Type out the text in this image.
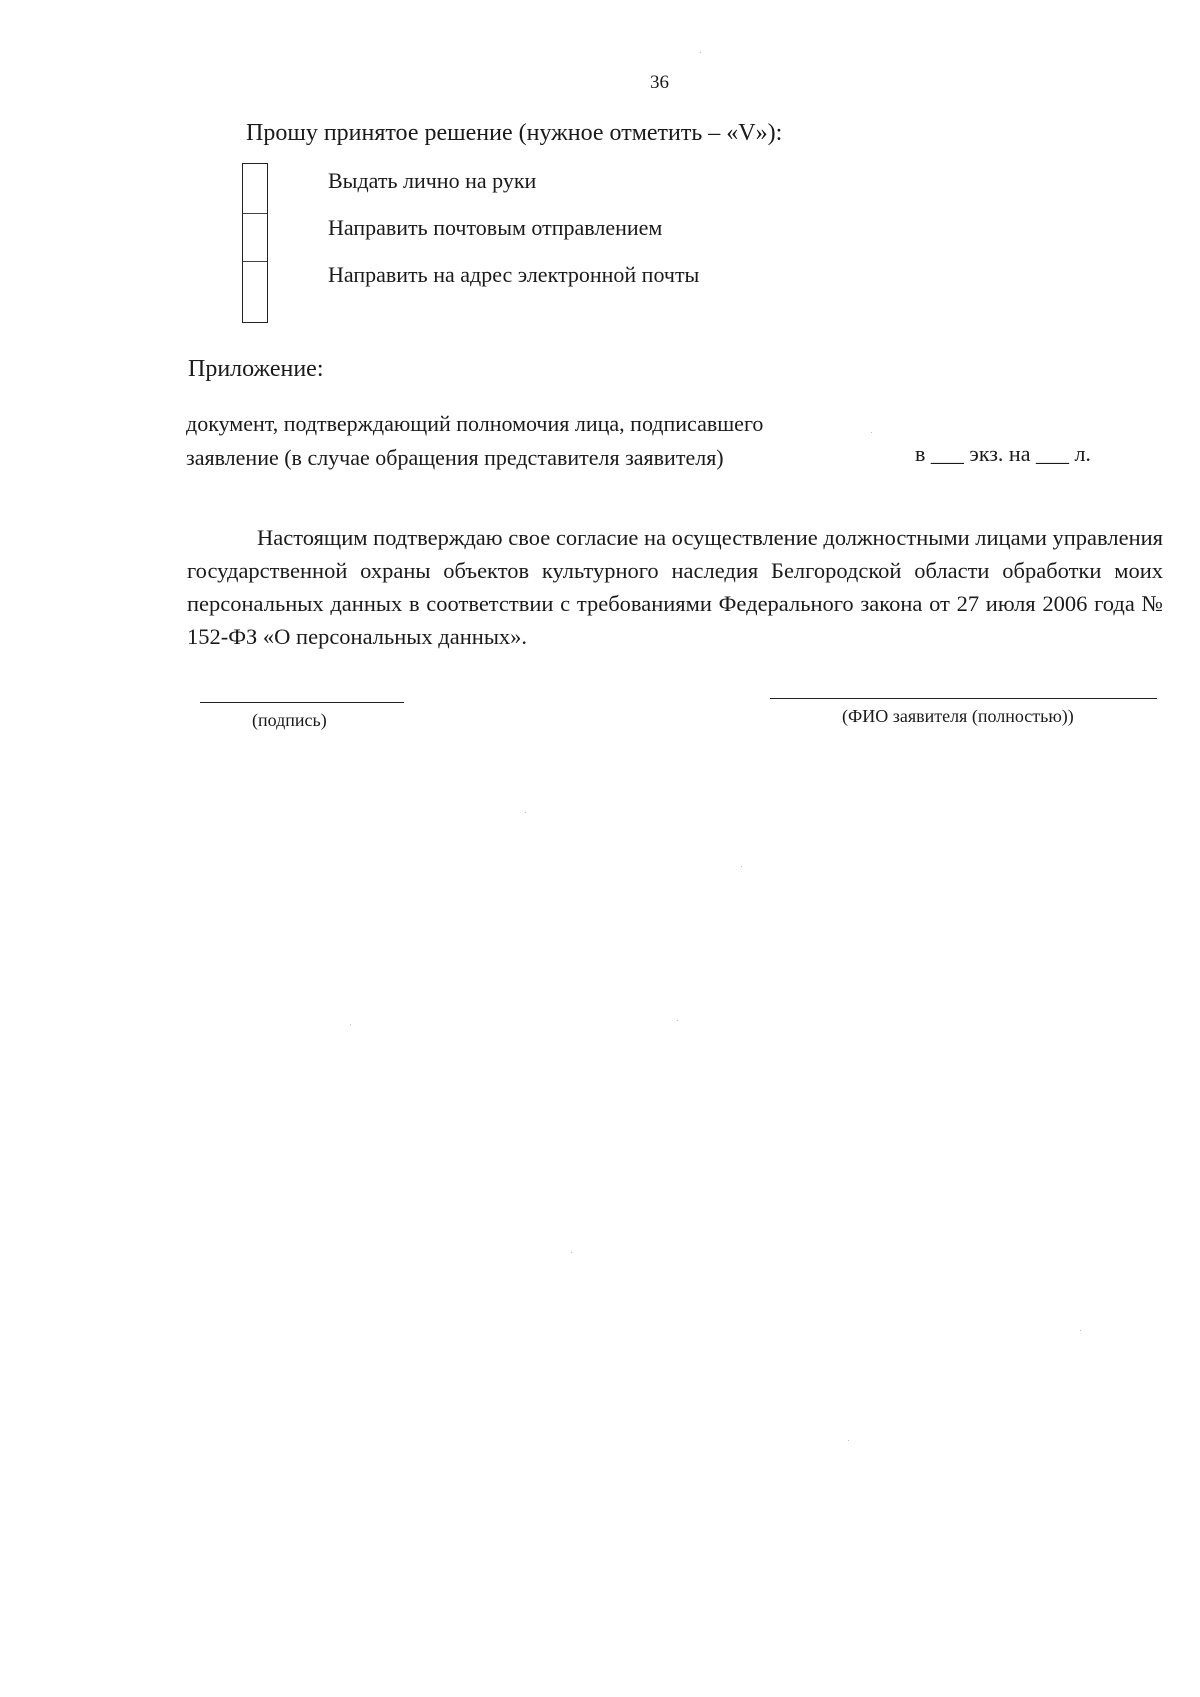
36
Прошу принятое решение (нужное отметить – «V»):
Выдать лично на руки
Направить почтовым отправлением
Направить на адрес электронной почты
Приложение:
документ, подтверждающий полномочия лица, подписавшего
заявление (в случае обращения представителя заявителя)	в ___ экз. на ___ л.
Настоящим подтверждаю свое согласие на осуществление должностными лицами управления государственной охраны объектов культурного наследия Белгородской области обработки моих персональных данных в соответствии с требованиями Федерального закона от 27 июля 2006 года № 152-ФЗ «О персональных данных».
(подпись)	(ФИО заявителя (полностью))
